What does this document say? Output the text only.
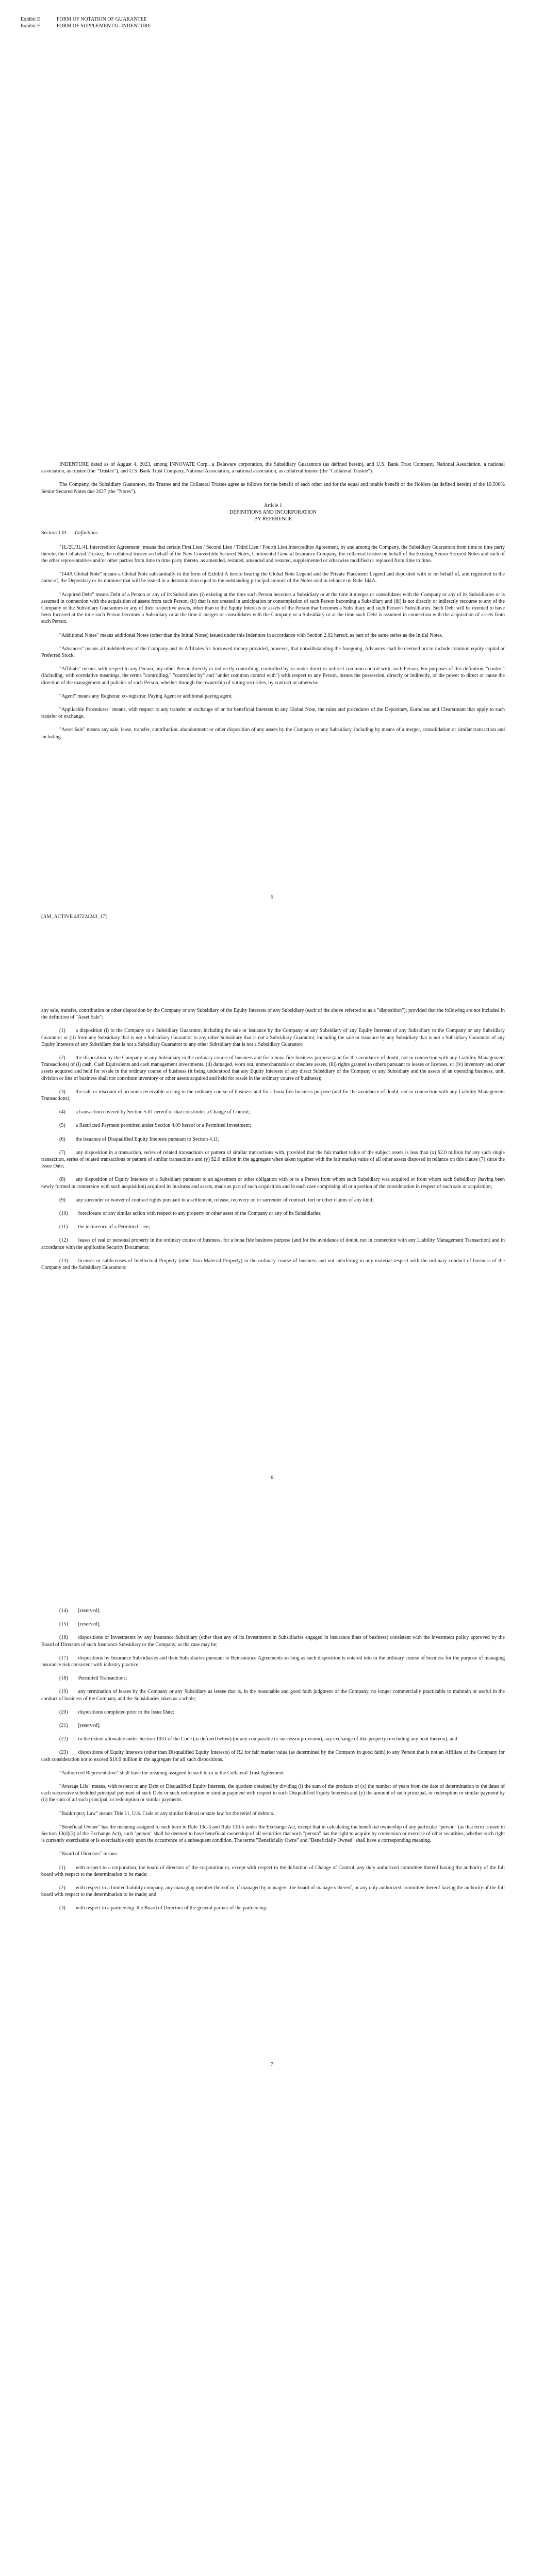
Exhibit E	FORM OF NOTATION OF GUARANTEE
Exhibit F	FORM OF SUPPLEMENTAL INDENTURE

INDENTURE dated as of August 4, 2023, among INNOVATE Corp., a Delaware corporation, the Subsidiary Guarantors (as defined herein), and U.S. Bank Trust Company, National Association, a national association, as trustee (the "Trustee"), and U.S. Bank Trust Company, National Association, a national association, as collateral trustee (the "Collateral Trustee").

The Company, the Subsidiary Guarantors, the Trustee and the Collateral Trustee agree as follows for the benefit of each other and for the equal and ratable benefit of the Holders (as defined herein) of the 10.500% Senior Secured Notes due 2027 (the "Notes").

Article 1

DEFINITIONS AND INCORPORATION

BY REFERENCE

Section 1.01.	Definitions

"1L/2L/3L/4L Intercreditor Agreement" means that certain First Lien / Second Lien / Third Lien / Fourth Lien Intercreditor Agreement, by and among the Company, the Subsidiary Guarantors from time to time party thereto, the Collateral Trustee, the collateral trustee on behalf of the New Convertible Secured Notes, Continental General Insurance Company, the collateral trustee on behalf of the Existing Senior Secured Notes and each of the other representatives and/or other parties from time to time party thereto, as amended, restated, amended and restated, supplemented or otherwise modified or replaced from time to time.

"144A Global Note" means a Global Note substantially in the form of Exhibit A hereto bearing the Global Note Legend and the Private Placement Legend and deposited with or on behalf of, and registered in the name of, the Depositary or its nominee that will be issued in a denomination equal to the outstanding principal amount of the Notes sold in reliance on Rule 144A.

"Acquired Debt" means Debt of a Person or any of its Subsidiaries (i) existing at the time such Person becomes a Subsidiary or at the time it merges or consolidates with the Company or any of its Subsidiaries or is assumed in connection with the acquisition of assets from such Person, (ii) that is not created in anticipation or contemplation of such Person becoming a Subsidiary and (iii) is not directly or indirectly recourse to any of the Company or the Subsidiary Guarantors or any of their respective assets, other than to the Equity Interests or assets of the Person that becomes a Subsidiary and such Person's Subsidiaries. Such Debt will be deemed to have been Incurred at the time such Person becomes a Subsidiary or at the time it merges or consolidates with the Company or a Subsidiary or at the time such Debt is assumed in connection with the acquisition of assets from such Person.

"Additional Notes" means additional Notes (other than the Initial Notes) issued under this Indenture in accordance with Section 2.02 hereof, as part of the same series as the Initial Notes.

"Advances" means all indebtedness of the Company and its Affiliates for borrowed money provided, however, that notwithstanding the foregoing, Advances shall be deemed not to include common equity capital or Preferred Stock.

"Affiliate" means, with respect to any Person, any other Person directly or indirectly controlling, controlled by, or under direct or indirect common control with, such Person. For purposes of this definition, "control" (including, with correlative meanings, the terms "controlling," "controlled by" and "under common control with") with respect to any Person, means the possession, directly or indirectly, of the power to direct or cause the direction of the management and policies of such Person, whether through the ownership of voting securities, by contract or otherwise.

"Agent" means any Registrar, co-registrar, Paying Agent or additional paying agent.

"Applicable Procedures" means, with respect to any transfer or exchange of or for beneficial interests in any Global Note, the rules and procedures of the Depositary, Euroclear and Clearstream that apply to such transfer or exchange.

"Asset Sale" means any sale, lease, transfer, contribution, abandonment or other disposition of any assets by the Company or any Subsidiary, including by means of a merger, consolidation or similar transaction and including

5
[AM_ACTIVE 407224243_17]

any sale, transfer, contribution or other disposition by the Company or any Subsidiary of the Equity Interests of any Subsidiary (each of the above referred to as a "disposition"); provided that the following are not included in the definition of "Asset Sale":

(1)  a disposition (i) to the Company or a Subsidiary Guarantor, including the sale or issuance by the Company or any Subsidiary of any Equity Interests of any Subsidiary to the Company or any Subsidiary Guarantor or (ii) from any Subsidiary that is not a Subsidiary Guarantor to any other Subsidiary that is not a Subsidiary Guarantor, including the sale or issuance by any Subsidiary that is not a Subsidiary Guarantor of any Equity Interests of any Subsidiary that is not a Subsidiary Guarantor to any other Subsidiary that is not a Subsidiary Guarantor;

(2)  the disposition by the Company or any Subsidiary in the ordinary course of business and for a bona fide business purpose (and for the avoidance of doubt, not in connection with any Liability Management Transactions) of (i) cash, Cash Equivalents and cash management investments, (ii) damaged, worn out, unmerchantable or obsolete assets, (iii) rights granted to others pursuant to leases or licenses, or (iv) inventory and other assets acquired and held for resale in the ordinary course of business (it being understood that any Equity Interests of any direct Subsidiary of the Company or any Subsidiary and the assets of an operating business, unit, division or line of business shall not constitute inventory or other assets acquired and held for resale in the ordinary course of business);

(3)  the sale or discount of accounts receivable arising in the ordinary course of business and for a bona fide business purpose (and for the avoidance of doubt, not in connection with any Liability Management Transactions);

(4)  a transaction covered by Section 5.01 hereof or that constitutes a Change of Control;

(5)  a Restricted Payment permitted under Section 4.09 hereof or a Permitted Investment;

(6)  the issuance of Disqualified Equity Interests pursuant to Section 4.11;

(7)  any disposition in a transaction, series of related transactions or pattern of similar transactions with, provided that the fair market value of the subject assets is less than (x) $2.0 million for any such single transaction, series of related transactions or pattern of similar transactions and (y) $2.0 million in the aggregate when taken together with the fair market value of all other assets disposed in reliance on this clause (7) since the Issue Date;

(8)  any disposition of Equity Interests of a Subsidiary pursuant to an agreement or other obligation with or to a Person from whom such Subsidiary was acquired or from whom such Subsidiary (having been newly formed in connection with such acquisition) acquired its business and assets, made as part of such acquisition and in each case comprising all or a portion of the consideration in respect of such sale or acquisition;

(9)  any surrender or waiver of contract rights pursuant to a settlement, release, recovery on or surrender of contract, tort or other claims of any kind;

(10)  foreclosure or any similar action with respect to any property or other asset of the Company or any of its Subsidiaries;

(11)  the incurrence of a Permitted Lien;

(12)  leases of real or personal property in the ordinary course of business, for a bona fide business purpose (and for the avoidance of doubt, not in connection with any Liability Management Transaction) and in accordance with the applicable Security Documents;

(13)  licenses or sublicenses of Intellectual Property (other than Material Property) in the ordinary course of business and not interfering in any material respect with the ordinary conduct of business of the Company and the Subsidiary Guarantors;

6

(14)  [reserved];

(15)  [reserved];

(16)  dispositions of Investments by any Insurance Subsidiary (other than any of its Investments in Subsidiaries engaged in insurance lines of business) consistent with the investment policy approved by the Board of Directors of such Insurance Subsidiary or the Company, as the case may be;

(17)  dispositions by Insurance Subsidiaries and their Subsidiaries pursuant to Reinsurance Agreements so long as such disposition is entered into in the ordinary course of business for the purpose of managing insurance risk consistent with industry practice;

(18)  Permitted Transactions;

(19)  any termination of leases by the Company or any Subsidiary as lessee that is, in the reasonable and good faith judgment of the Company, no longer commercially practicable to maintain or useful in the conduct of business of the Company and the Subsidiaries taken as a whole;

(20)  dispositions completed prior to the Issue Date;

(21)  [reserved];

(22)  to the extent allowable under Section 1031 of the Code (as defined below) (or any comparable or successor provision), any exchange of like property (excluding any boot thereon); and

(23)  dispositions of Equity Interests (other than Disqualified Equity Interests) of R2 for fair market value (as determined by the Company in good faith) to any Person that is not an Affiliate of the Company for cash consideration not to exceed $10.0 million in the aggregate for all such dispositions.

"Authorized Representative" shall have the meaning assigned to such term in the Collateral Trust Agreement.

"Average Life" means, with respect to any Debt or Disqualified Equity Interests, the quotient obtained by dividing (i) the sum of the products of (x) the number of years from the date of determination to the dates of each successive scheduled principal payment of such Debt or such redemption or similar payment with respect to such Disqualified Equity Interests and (y) the amount of such principal, or redemption or similar payment by (ii) the sum of all such principal, or redemption or similar payments.

"Bankruptcy Law" means Title 11, U.S. Code or any similar federal or state law for the relief of debtors.

"Beneficial Owner" has the meaning assigned to such term in Rule 13d-3 and Rule 13d-5 under the Exchange Act, except that in calculating the beneficial ownership of any particular "person" (as that term is used in Section 13(d)(3) of the Exchange Act), such "person" shall be deemed to have beneficial ownership of all securities that such "person" has the right to acquire by conversion or exercise of other securities, whether such right is currently exercisable or is exercisable only upon the occurrence of a subsequent condition. The terms "Beneficially Owns" and "Beneficially Owned" shall have a corresponding meaning.

"Board of Directors" means:

(1)  with respect to a corporation, the board of directors of the corporation or, except with respect to the definition of Change of Control, any duly authorized committee thereof having the authority of the full board with respect to the determination to be made;

(2)  with respect to a limited liability company, any managing member thereof or, if managed by managers, the board of managers thereof, or any duly authorized committee thereof having the authority of the full board with respect to the determination to be made; and

(3)  with respect to a partnership, the Board of Directors of the general partner of the partnership;

7
